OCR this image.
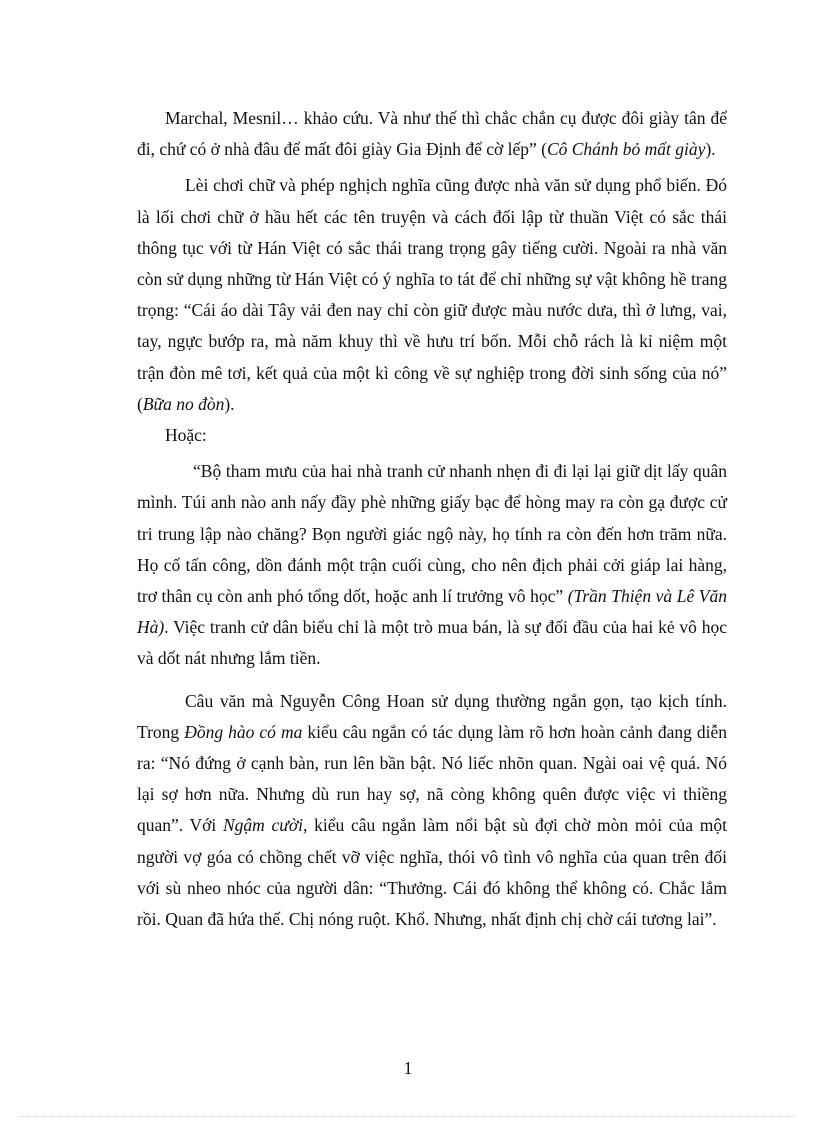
Marchal, Mesnil… khảo cứu. Và như thế thì chắc chắn cụ được đôi giày tân để đi, chứ có ở nhà đâu để mất đôi giày Gia Định để cờ lếp” (Cô Chánh bỏ mất giày).

Lèi chơi chữ và phép nghịch nghĩa cũng được nhà văn sử dụng phổ biến. Đó là lối chơi chữ ở hầu hết các tên truyện và cách đối lập từ thuần Việt có sắc thái thông tục với từ Hán Việt có sắc thái trang trọng gây tiếng cười. Ngoài ra nhà văn còn sử dụng những từ Hán Việt có ý nghĩa to tát để chỉ những sự vật không hề trang trọng: “Cái áo dài Tây vải đen nay chỉ còn giữ được màu nước dưa, thì ở lưng, vai, tay, ngực bướp ra, mà năm khuy thì về hưu trí bốn. Mỗi chỗ rách là kỉ niệm một trận đòn mê tơi, kết quả của một kì công về sự nghiệp trong đời sinh sống của nó” (Bữa no đòn).

Hoặc:

“Bộ tham mưu của hai nhà tranh cử nhanh nhẹn đi đi lại lại giữ dịt lấy quân mình. Túi anh nào anh nấy đầy phè những giấy bạc để hòng may ra còn gạ được cử tri trung lập nào chăng? Bọn người giác ngộ này, họ tính ra còn đến hơn trăm nữa. Họ cố tấn công, dồn đánh một trận cuối cùng, cho nên địch phải cởi giáp lai hàng, trơ thân cụ còn anh phó tổng dốt, hoặc anh lí trưởng vô học” (Trần Thiện và Lê Văn Hà). Việc tranh cử dân biểu chỉ là một trò mua bán, là sự đối đầu của hai kẻ vô học và dốt nát nhưng lắm tiền.

Câu văn mà Nguyễn Công Hoan sử dụng thường ngắn gọn, tạo kịch tính. Trong Đồng hào có ma kiểu câu ngắn có tác dụng làm rõ hơn hoàn cảnh đang diễn ra: “Nó đứng ở cạnh bàn, run lên bần bật. Nó liếc nhõn quan. Ngài oai vệ quá. Nó lại sợ hơn nữa. Nhưng dù run hay sợ, nã còng không quên được việc vi thiềng quan”. Với Ngậm cười, kiểu câu ngắn làm nổi bật sù đợi chờ mòn mỏi của một người vợ góa có chồng chết vỡ việc nghĩa, thói vô tình vô nghĩa của quan trên đối với sù nheo nhóc của người dân: “Thưởng. Cái đó không thể không có. Chắc lắm rồi. Quan đã hứa thế. Chị nóng ruột. Khổ. Nhưng, nhất định chị chờ cái tương lai”.

1
